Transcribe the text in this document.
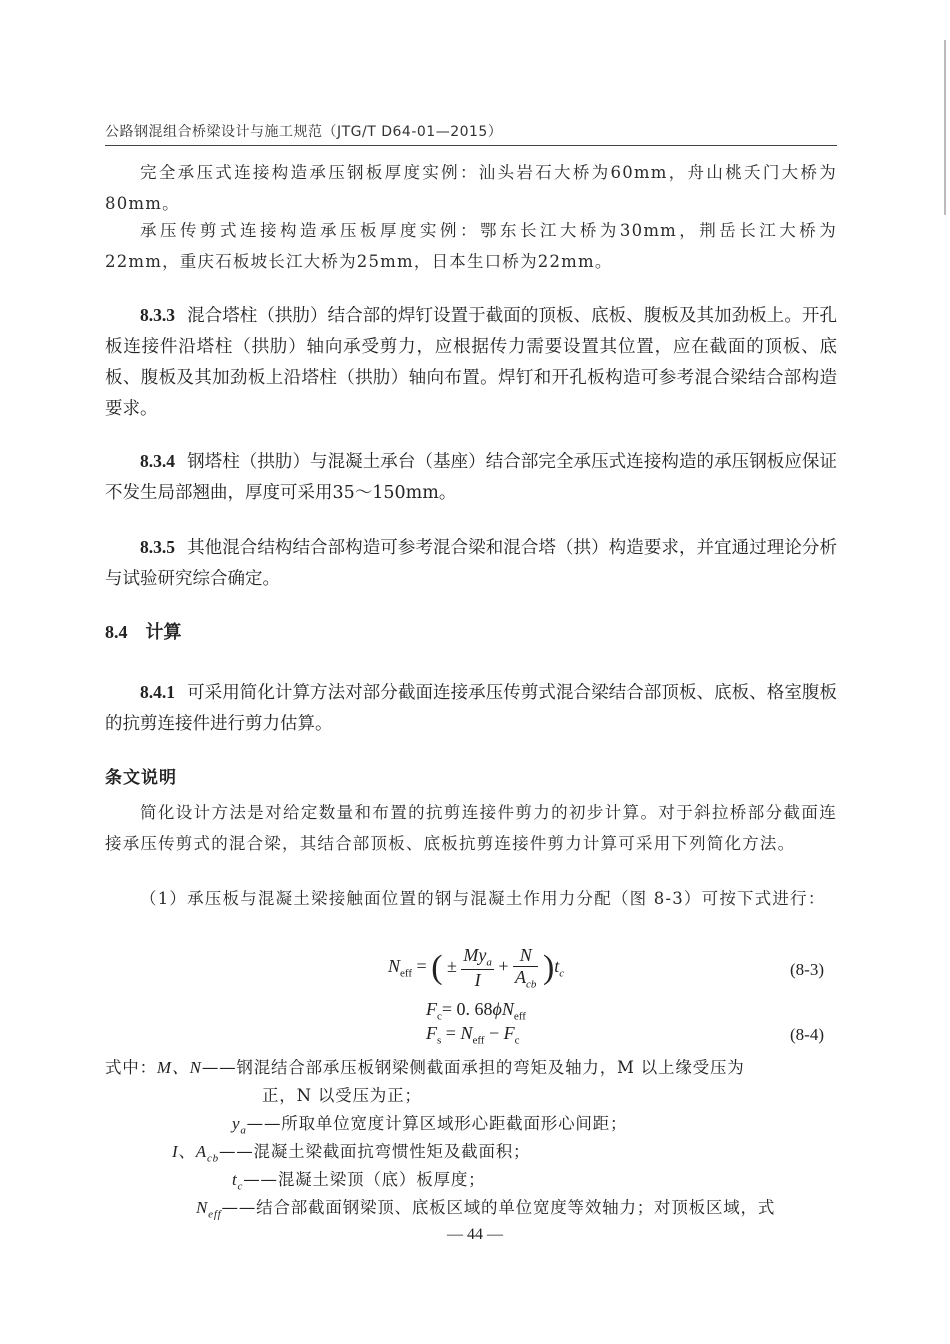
公路钢混组合桥梁设计与施工规范（JTG/T D64-01—2015）
完全承压式连接构造承压钢板厚度实例：汕头岩石大桥为60mm，舟山桃夭门大桥为80mm。
承压传剪式连接构造承压板厚度实例：鄂东长江大桥为30mm，荆岳长江大桥为22mm，重庆石板坡长江大桥为25mm，日本生口桥为22mm。
8.3.3 混合塔柱（拱肋）结合部的焊钉设置于截面的顶板、底板、腹板及其加劲板上。开孔板连接件沿塔柱（拱肋）轴向承受剪力，应根据传力需要设置其位置，应在截面的顶板、底板、腹板及其加劲板上沿塔柱（拱肋）轴向布置。焊钉和开孔板构造可参考混合梁结合部构造要求。
8.3.4 钢塔柱（拱肋）与混凝土承台（基座）结合部完全承压式连接构造的承压钢板应保证不发生局部翘曲，厚度可采用35～150mm。
8.3.5 其他混合结构结合部构造可参考混合梁和混合塔（拱）构造要求，并宜通过理论分析与试验研究综合确定。
8.4 计算
8.4.1 可采用简化计算方法对部分截面连接承压传剪式混合梁结合部顶板、底板、格室腹板的抗剪连接件进行剪力估算。
条文说明
简化设计方法是对给定数量和布置的抗剪连接件剪力的初步计算。对于斜拉桥部分截面连接承压传剪式的混合梁，其结合部顶板、底板抗剪连接件剪力计算可采用下列简化方法。
（1）承压板与混凝土梁接触面位置的钢与混凝土作用力分配（图 8-3）可按下式进行：
$N_{eff}$ = ( ± $\frac{My_a}{I} + \frac{N}{A_{cb}} )t_c$	(8-3)
$F_c= 0$. $68\phi N_{eff}$
$F_s = N_{eff} - F_c$	(8-4)
式中：M、N——钢混结合部承压板钢梁侧截面承担的弯矩及轴力，M 以上缘受压为
正，N 以受压为正；
$y_a——$所取单位宽度计算区域形心距截面形心间距；
I、$A_{cb}——$混凝土梁截面抗弯惯性矩及截面积；
$t_c——$混凝土梁顶（底）板厚度；
$N_{eff}——$结合部截面钢梁顶、底板区域的单位宽度等效轴力；对顶板区域，式
— 44 —
